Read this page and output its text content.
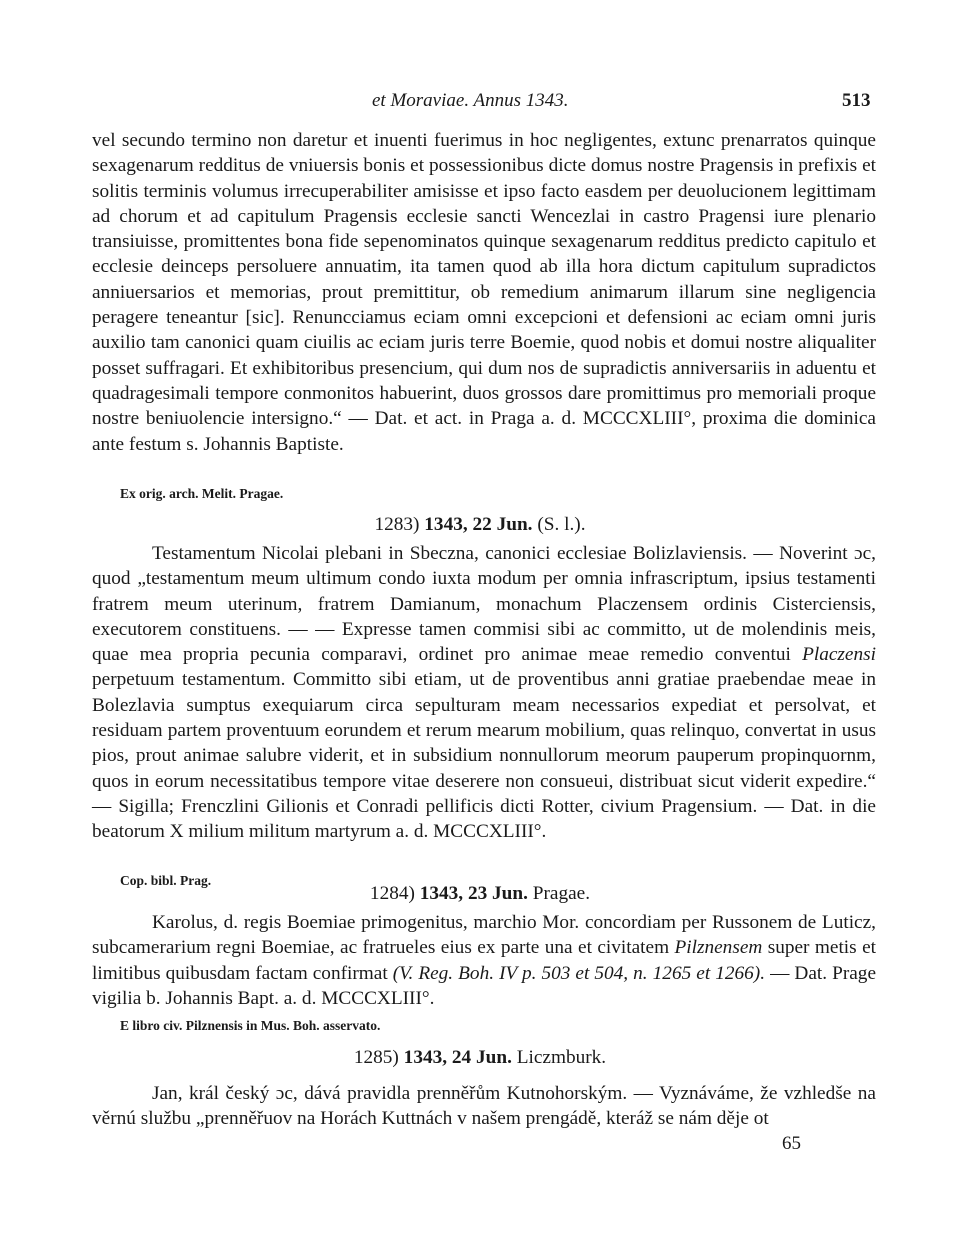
et Moraviae. Annus 1343.	513

vel secundo termino non daretur et inuenti fuerimus in hoc negligentes, extunc prenarratos quinque sexagenarum redditus de vniuersis bonis et possessionibus dicte domus nostre Pragensis in prefixis et solitis terminis volumus irrecuperabiliter amisisse et ipso facto easdem per deuolucionem legittimam ad chorum et ad capitulum Pragensis ecclesie sancti Wencezlai in castro Pragensi iure plenario transiuisse, promittentes bona fide sepenominatos quinque sexagenarum redditus predicto capitulo et ecclesie deinceps persoluere annuatim, ita tamen quod ab illa hora dictum capitulum supradictos anniuersarios et memorias, prout premittitur, ob remedium animarum illarum sine negligencia peragere teneantur [sic]. Renuncciamus eciam omni excepcioni et defensioni ac eciam omni juris auxilio tam canonici quam ciuilis ac eciam juris terre Boemie, quod nobis et domui nostre aliqualiter posset suffragari. Et exhibitoribus presencium, qui dum nos de supradictis anniversariis in aduentu et quadragesimali tempore conmonitos habuerint, duos grossos dare promittimus pro memoriali proque nostre beniuolencie intersigno.“ — Dat. et act. in Praga a. d. MCCCXLIII°, proxima die dominica ante festum s. Johannis Baptiste.

Ex orig. arch. Melit. Pragae.
1283) 1343, 22 Jun. (S. l.).

Testamentum Nicolai plebani in Sbeczna, canonici ecclesiae Bolizlaviensis. — Noverint ɔc, quod „testamentum meum ultimum condo iuxta modum per omnia infrascriptum, ipsius testamenti fratrem meum uterinum, fratrem Damianum, monachum Placzensem ordinis Cisterciensis, executorem constituens. — — Expresse tamen commisi sibi ac committo, ut de molendinis meis, quae mea propria pecunia comparavi, ordinet pro animae meae remedio conventui Placzensi perpetuum testamentum. Committo sibi etiam, ut de proventibus anni gratiae praebendae meae in Bolezlavia sumptus exequiarum circa sepulturam meam necessarios expediat et persolvat, et residuam partem proventuum eorundem et rerum mearum mobilium, quas relinquo, convertat in usus pios, prout animae salubre viderit, et in subsidium nonnullorum meorum pauperum propinquornm, quos in eorum necessitatibus tempore vitae deserere non consueui, distribuat sicut viderit expedire.“ — Sigilla; Frenczlini Gilionis et Conradi pellificis dicti Rotter, civium Pragensium. — Dat. in die beatorum X milium militum martyrum a. d. MCCCXLIII°.

Cop. bibl. Prag.
1284) 1343, 23 Jun. Pragae.

Karolus, d. regis Boemiae primogenitus, marchio Mor. concordiam per Russonem de Luticz, subcamerarium regni Boemiae, ac fratrueles eius ex parte una et civitatem Pilznensem super metis et limitibus quibusdam factam confirmat (V. Reg. Boh. IV p. 503 et 504, n. 1265 et 1266). — Dat. Prage vigilia b. Johannis Bapt. a. d. MCCCXLIII°.

E libro civ. Pilznensis in Mus. Boh. asservato.
1285) 1343, 24 Jun. Liczmburk.

Jan, král český ɔc, dává pravidla prenněřům Kutnohorským. — Vyznáváme, že vzhledše na věrnú službu „prenněřuov na Horách Kuttnách v našem prengádě, kteráž se nám děje ot

65
